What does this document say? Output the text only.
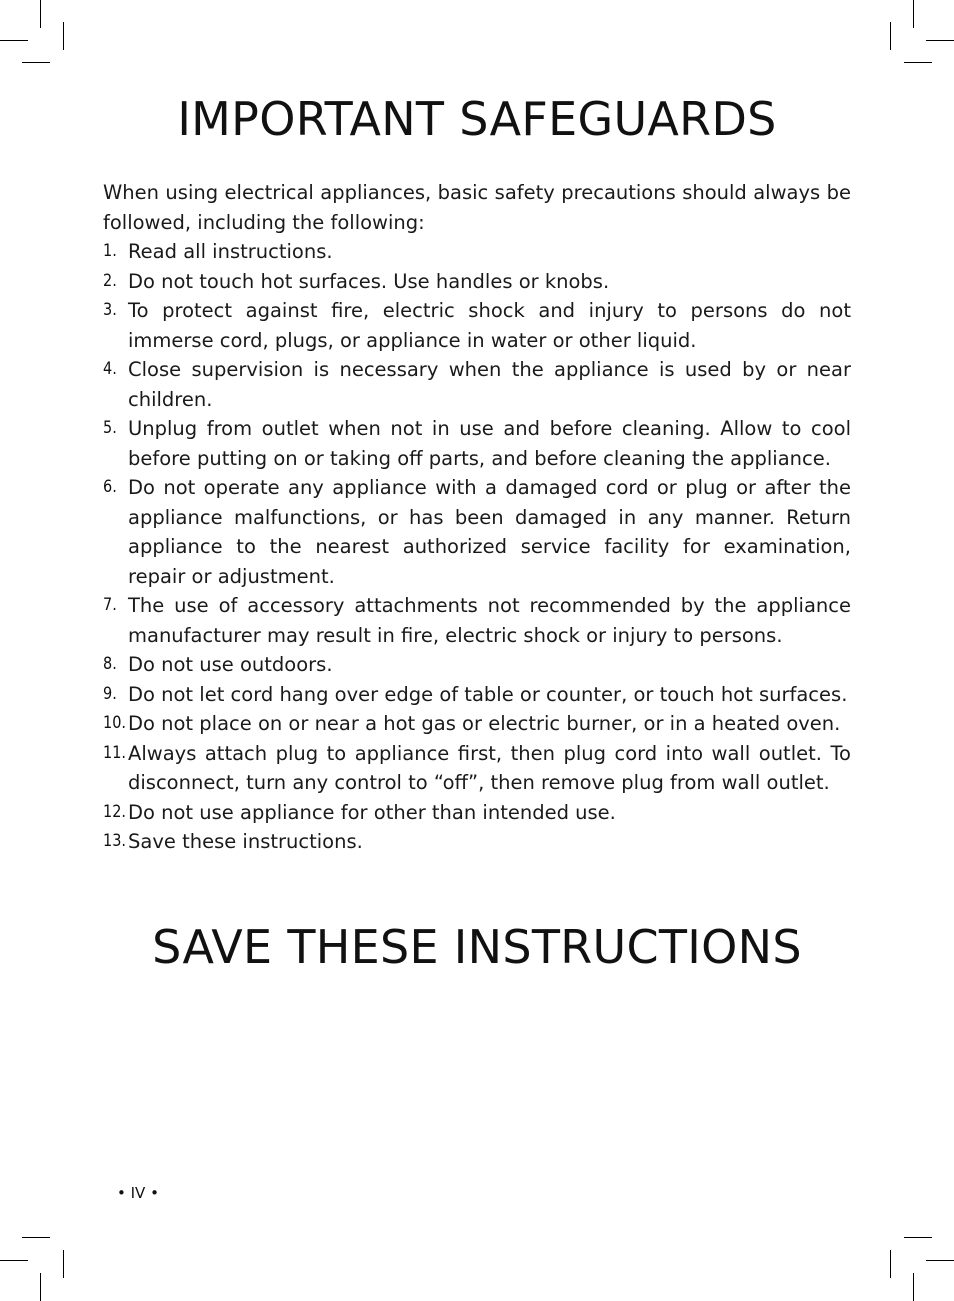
IMPORTANT SAFEGUARDS

When using electrical appliances, basic safety precautions should always be followed, including the following:

1. Read all instructions.
2. Do not touch hot surfaces. Use handles or knobs.
3. To protect against fire, electric shock and injury to persons do not immerse cord, plugs, or appliance in water or other liquid.
4. Close supervision is necessary when the appliance is used by or near children.
5. Unplug from outlet when not in use and before cleaning. Allow to cool before putting on or taking off parts, and before cleaning the appliance.
6. Do not operate any appliance with a damaged cord or plug or after the appliance malfunctions, or has been damaged in any manner. Return appliance to the nearest authorized service facility for examination, repair or adjustment.
7. The use of accessory attachments not recommended by the appliance manufacturer may result in fire, electric shock or injury to persons.
8. Do not use outdoors.
9. Do not let cord hang over edge of table or counter, or touch hot surfaces.
10. Do not place on or near a hot gas or electric burner, or in a heated oven.
11. Always attach plug to appliance first, then plug cord into wall outlet. To disconnect, turn any control to “off”, then remove plug from wall outlet.
12. Do not use appliance for other than intended use.
13. Save these instructions.
SAVE THESE INSTRUCTIONS
• IV •
